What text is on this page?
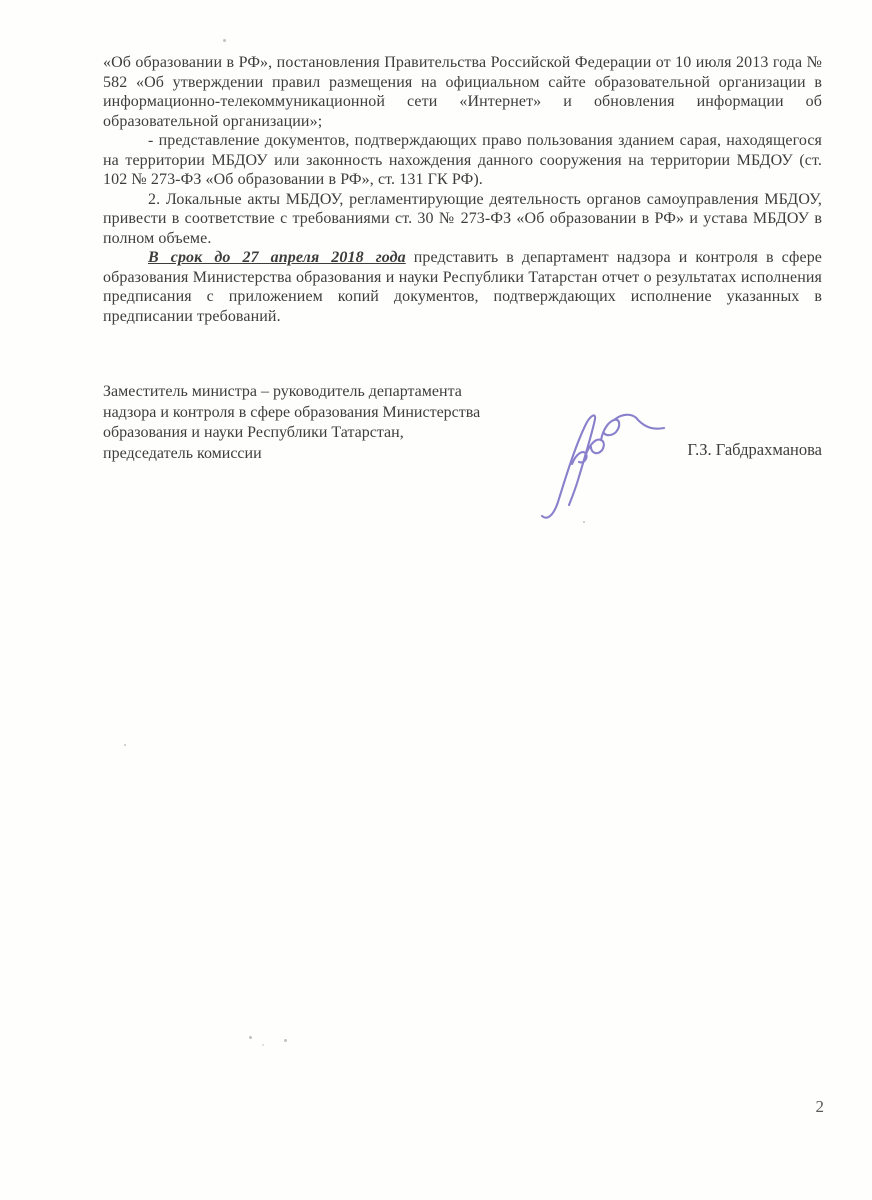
«Об образовании в РФ», постановления Правительства Российской Федерации от 10 июля 2013 года № 582 «Об утверждении правил размещения на официальном сайте образовательной организации в информационно-телекоммуникационной сети «Интернет» и обновления информации об образовательной организации»;

- представление документов, подтверждающих право пользования зданием сарая, находящегося на территории МБДОУ или законность нахождения данного сооружения на территории МБДОУ (ст. 102 № 273-ФЗ «Об образовании в РФ», ст. 131 ГК РФ).

2. Локальные акты МБДОУ, регламентирующие деятельность органов самоуправления МБДОУ, привести в соответствие с требованиями ст. 30 № 273-ФЗ «Об образовании в РФ» и устава МБДОУ в полном объеме.

В срок до 27 апреля 2018 года представить в департамент надзора и контроля в сфере образования Министерства образования и науки Республики Татарстан отчет о результатах исполнения предписания с приложением копий документов, подтверждающих исполнение указанных в предписании требований.

Заместитель министра – руководитель департамента
надзора и контроля в сфере образования Министерства
образования и науки Республики Татарстан,
председатель комиссии	Г.З. Габдрахманова
2
